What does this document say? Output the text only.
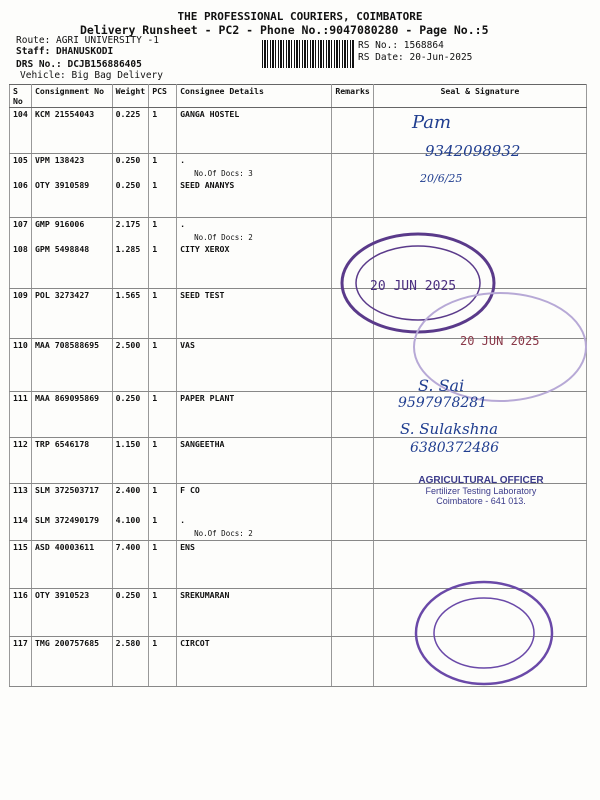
THE PROFESSIONAL COURIERS, COIMBATORE
Delivery Runsheet - PC2 - Phone No.:9047080280 - Page No.:5
Route: AGRI UNIVERSITY -1
Staff: DHANUSKODI
DRS No.: DCJB156886405
Vehicle: Big Bag Delivery
RS No.: 1568864
RS Date: 20-Jun-2025
S No	Consignment No	Weight	PCS	Consignee Details	Remarks	Seal & Signature
104	KCM 21554043	0.225	1	GANGA HOSTEL		
105	VPM 138423	0.250	1	.
No.Of Docs: 3		

106	OTY 3910589	0.250	1	SEED ANANYS		
107	GMP 916006	2.175	1	.
No.Of Docs: 2		

108	GPM 5498848	1.285	1	CITY XEROX		
109	POL 3273427	1.565	1	SEED TEST		
110	MAA 708588695	2.500	1	VAS		
111	MAA 869095869	0.250	1	PAPER PLANT		
112	TRP 6546178	1.150	1	SANGEETHA		
113	SLM 372503717	2.400	1	F CO		
114	SLM 372490179	4.100	1	.
No.Of Docs: 2		

115	ASD 40003611	7.400	1	ENS		
116	OTY 3910523	0.250	1	SREKUMARAN		
117	TMG 200757685	2.580	1	CIRCOT		
20 JUN 2025
20 JUN 2025
AGRICULTURAL OFFICER
Fertilizer Testing Laboratory
Coimbatore - 641 013.
Pam
9342098932
20/6/25
S. Sai
9597978281
S. Sulakshna
6380372486
